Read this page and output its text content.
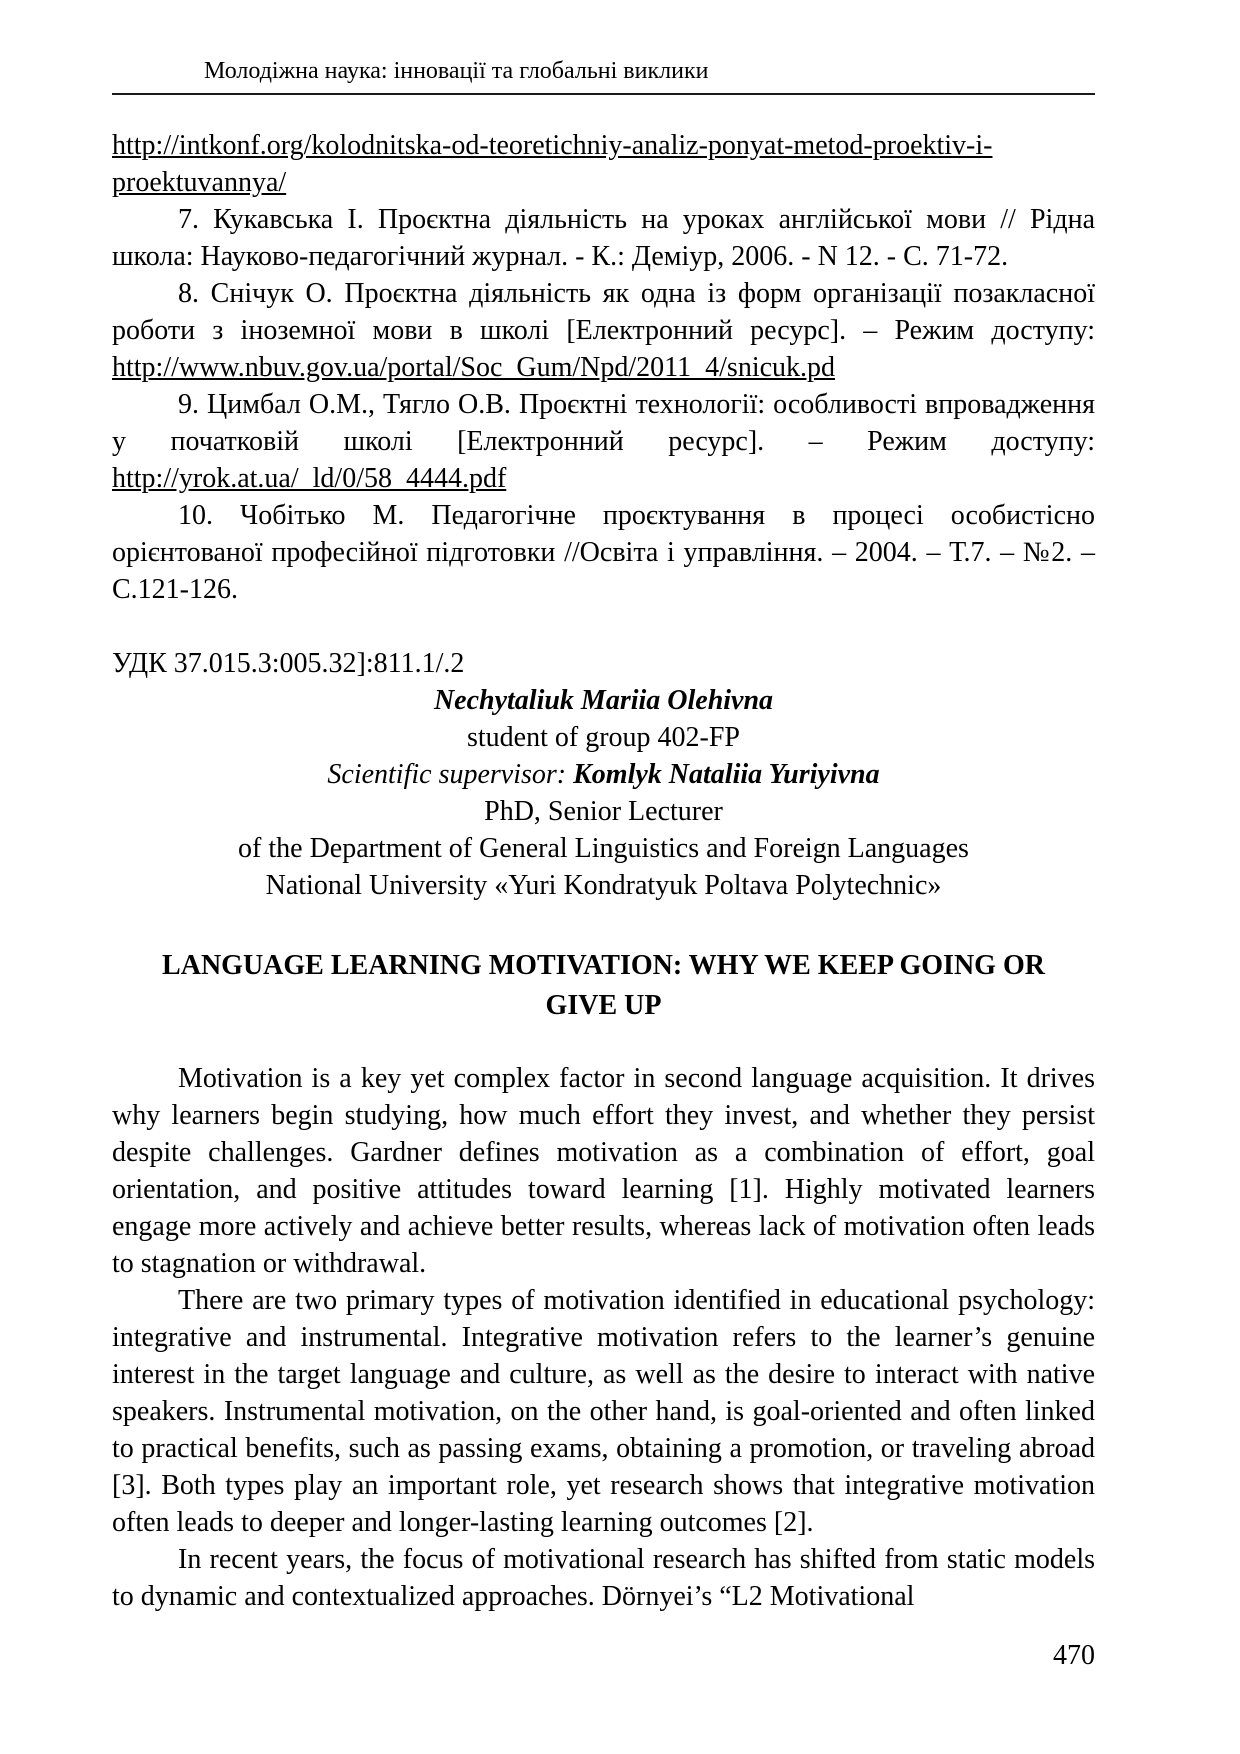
Молодіжна наука: інновації та глобальні виклики

http://intkonf.org/kolodnitska-od-teoretichniy-analiz-ponyat-metod-proektiv-i-proektuvannya/

7. Кукавська І. Проєктна діяльність на уроках англійської мови // Рідна школа: Науково-педагогічний журнал. - К.: Деміур, 2006. - N 12. - С. 71-72.

8. Снічук О. Проєктна діяльність як одна із форм організації позакласної роботи з іноземної мови в школі [Електронний ресурс]. – Режим доступу: http://www.nbuv.gov.ua/portal/Soc_Gum/Npd/2011_4/snicuk.pd

9. Цимбал О.М., Тягло О.В. Проєктні технології: особливості впровадження у початковій школі [Електронний ресурс]. – Режим доступу: http://yrok.at.ua/_ld/0/58_4444.pdf

10. Чобітько М. Педагогічне проєктування в процесі особистісно орієнтованої професійної підготовки //Освіта і управління. – 2004. – Т.7. – №2. – С.121-126.

УДК 37.015.3:005.32]:811.1/.2

Nechytaliuk Mariia Olehivna

student of group 402-FP

Scientific supervisor: Komlyk Nataliia Yuriyivna

PhD, Senior Lecturer

of the Department of General Linguistics and Foreign Languages

National University «Yuri Kondratyuk Poltava Polytechnic»

LANGUAGE LEARNING MOTIVATION: WHY WE KEEP GOING OR
GIVE UP

Motivation is a key yet complex factor in second language acquisition. It drives why learners begin studying, how much effort they invest, and whether they persist despite challenges. Gardner defines motivation as a combination of effort, goal orientation, and positive attitudes toward learning [1]. Highly motivated learners engage more actively and achieve better results, whereas lack of motivation often leads to stagnation or withdrawal.

There are two primary types of motivation identified in educational psychology: integrative and instrumental. Integrative motivation refers to the learner’s genuine interest in the target language and culture, as well as the desire to interact with native speakers. Instrumental motivation, on the other hand, is goal-oriented and often linked to practical benefits, such as passing exams, obtaining a promotion, or traveling abroad [3]. Both types play an important role, yet research shows that integrative motivation often leads to deeper and longer-lasting learning outcomes [2].

In recent years, the focus of motivational research has shifted from static models to dynamic and contextualized approaches. Dörnyei’s “L2 Motivational

470
